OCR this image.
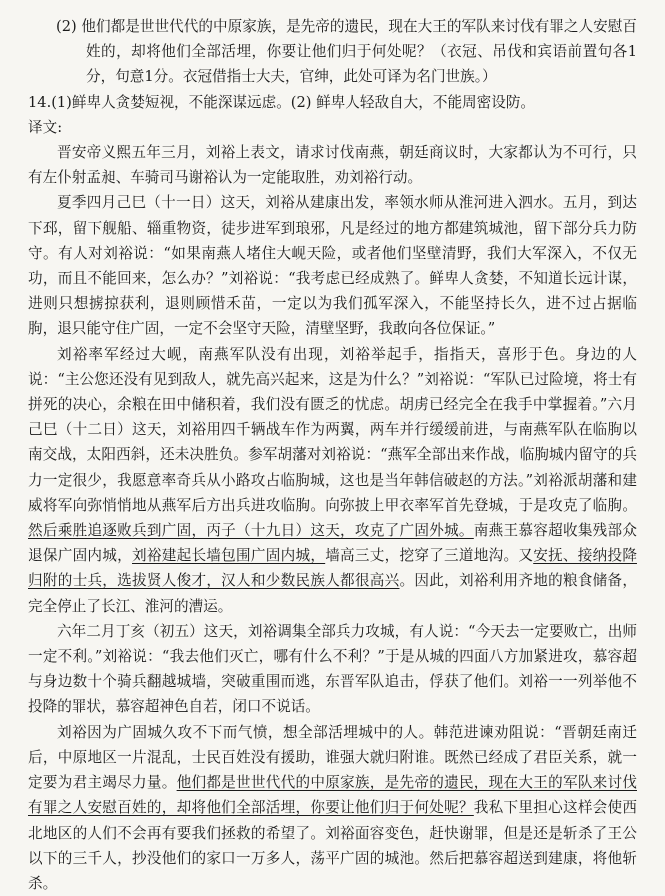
(2) 他们都是世世代代的中原家族，是先帝的遗民，现在大王的军队来讨伐有罪之人安慰百姓的，却将他们全部活埋，你要让他们归于何处呢？（衣冠、吊伐和宾语前置句各1分，句意1分。衣冠借指士大夫，官绅，此处可译为名门世族。）
14.(1)鲜卑人贪婪短视，不能深谋远虑。(2) 鲜卑人轻敌自大，不能周密设防。
译文:
晋安帝义熙五年三月，刘裕上表文，请求讨伐南燕，朝廷商议时，大家都认为不可行，只有左仆射孟昶、车骑司马谢裕认为一定能取胜，劝刘裕行动。
夏季四月己巳（十一日）这天，刘裕从建康出发，率领水师从淮河进入泗水。五月，到达下邳，留下舰船、辎重物资，徒步进军到琅邪，凡是经过的地方都建筑城池，留下部分兵力防守。有人对刘裕说：“如果南燕人堵住大岘天险，或者他们坚壁清野，我们大军深入，不仅无功，而且不能回来，怎么办？”刘裕说：“我考虑已经成熟了。鲜卑人贪婪，不知道长远计谋，进则只想掳掠获利，退则顾惜禾苗，一定以为我们孤军深入，不能坚持长久，进不过占据临朐，退只能守住广固，一定不会坚守天险，清壁坚野，我敢向各位保证。”
刘裕率军经过大岘，南燕军队没有出现，刘裕举起手，指指天，喜形于色。身边的人说：“主公您还没有见到敌人，就先高兴起来，这是为什么？”刘裕说：“军队已过险境，将士有拼死的决心，余粮在田中储积着，我们没有匮乏的忧虑。胡虏已经完全在我手中掌握着。”六月己巳（十二日）这天，刘裕用四千辆战车作为两翼，两车并行缓缓前进，与南燕军队在临朐以南交战，太阳西斜，还未决胜负。参军胡藩对刘裕说：“燕军全部出来作战，临朐城内留守的兵力一定很少，我愿意率奇兵从小路攻占临朐城，这也是当年韩信破赵的方法。”刘裕派胡藩和建威将军向弥悄悄地从燕军后方出兵进攻临朐。向弥披上甲衣率军首先登城，于是攻克了临朐。然后乘胜追逐败兵到广固，丙子（十九日）这天，攻克了广固外城。南燕王慕容超收集残部众退保广固内城，刘裕建起长墙包围广固内城，墙高三丈，挖穿了三道地沟。又安抚、接纳投降归附的士兵，选拔贤人俊才，汉人和少数民族人都很高兴。因此，刘裕利用齐地的粮食储备，完全停止了长江、淮河的漕运。
六年二月丁亥（初五）这天，刘裕调集全部兵力攻城，有人说：“今天去一定要败亡，出师一定不利。”刘裕说：“我去他们灭亡，哪有什么不利？”于是从城的四面八方加紧进攻，慕容超与身边数十个骑兵翻越城墙，突破重围而逃，东晋军队追击，俘获了他们。刘裕一一列举他不投降的罪状，慕容超神色自若，闭口不说话。
刘裕因为广固城久攻不下而气愤，想全部活埋城中的人。韩范进谏劝阻说：“晋朝廷南迁后，中原地区一片混乱，士民百姓没有援助，谁强大就归附谁。既然已经成了君臣关系，就一定要为君主竭尽力量。他们都是世世代代的中原家族，是先帝的遗民，现在大王的军队来讨伐有罪之人安慰百姓的，却将他们全部活埋，你要让他们归于何处呢？我私下里担心这样会使西北地区的人们不会再有要我们拯救的希望了。刘裕面容变色，赶快谢罪，但是还是斩杀了王公以下的三千人，抄没他们的家口一万多人，荡平广固的城池。然后把慕容超送到建康，将他斩杀。
